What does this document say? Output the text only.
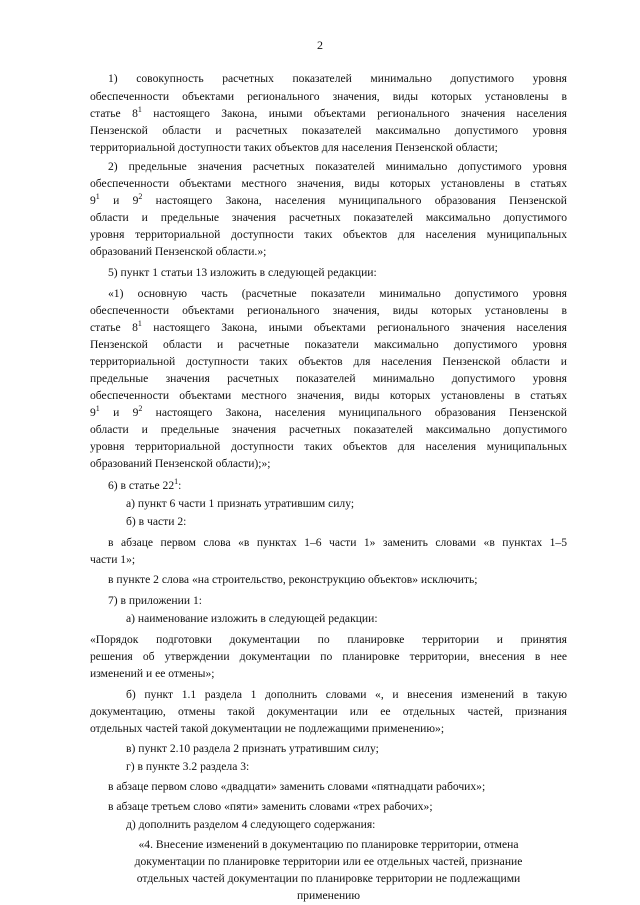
2
1) совокупность расчетных показателей минимально допустимого уровня
обеспеченности объектами регионального значения, виды которых установлены в
статье $8^1$ настоящего Закона, иными объектами регионального значения населения
Пензенской области и расчетных показателей максимально допустимого уровня
территориальной доступности таких объектов для населения Пензенской области;
2) предельные значения расчетных показателей минимально допустимого уровня
обеспеченности объектами местного значения, виды которых установлены в статьях
$9^1$ и $9^2$ настоящего Закона, населения муниципального образования Пензенской
области и предельные значения расчетных показателей максимально допустимого
уровня территориальной доступности таких объектов для населения муниципальных
образований Пензенской области.»;
5) пункт 1 статьи 13 изложить в следующей редакции:
«1) основную часть (расчетные показатели минимально допустимого уровня
обеспеченности объектами регионального значения, виды которых установлены в
статье $8^1$ настоящего Закона, иными объектами регионального значения населения
Пензенской области и расчетные показатели максимально допустимого уровня
территориальной доступности таких объектов для населения Пензенской области и
предельные значения расчетных показателей минимально допустимого уровня
обеспеченности объектами местного значения, виды которых установлены в статьях
$9^1$ и $9^2$ настоящего Закона, населения муниципального образования Пензенской
области и предельные значения расчетных показателей максимально допустимого
уровня территориальной доступности таких объектов для населения муниципальных
образований Пензенской области);»;
6) в статье $22^1$:
а) пункт 6 части 1 признать утратившим силу;
б) в части 2:
в абзаце первом слова «в пунктах 1–6 части 1» заменить словами «в пунктах 1–5
части 1»;
в пункте 2 слова «на строительство, реконструкцию объектов» исключить;
7) в приложении 1:
а) наименование изложить в следующей редакции:
«Порядок подготовки документации по планировке территории и принятия
решения об утверждении документации по планировке территории, внесения в нее
изменений и ее отмены»;
б) пункт 1.1 раздела 1 дополнить словами «, и внесения изменений в такую
документацию, отмены такой документации или ее отдельных частей, признания
отдельных частей такой документации не подлежащими применению»;
в) пункт 2.10 раздела 2 признать утратившим силу;
г) в пункте 3.2 раздела 3:
в абзаце первом слово «двадцати» заменить словами «пятнадцати рабочих»;
в абзаце третьем слово «пяти» заменить словами «трех рабочих»;
д) дополнить разделом 4 следующего содержания:
«4. Внесение изменений в документацию по планировке территории, отмена
документации по планировке территории или ее отдельных частей, признание
отдельных частей документации по планировке территории не подлежащими
применению
